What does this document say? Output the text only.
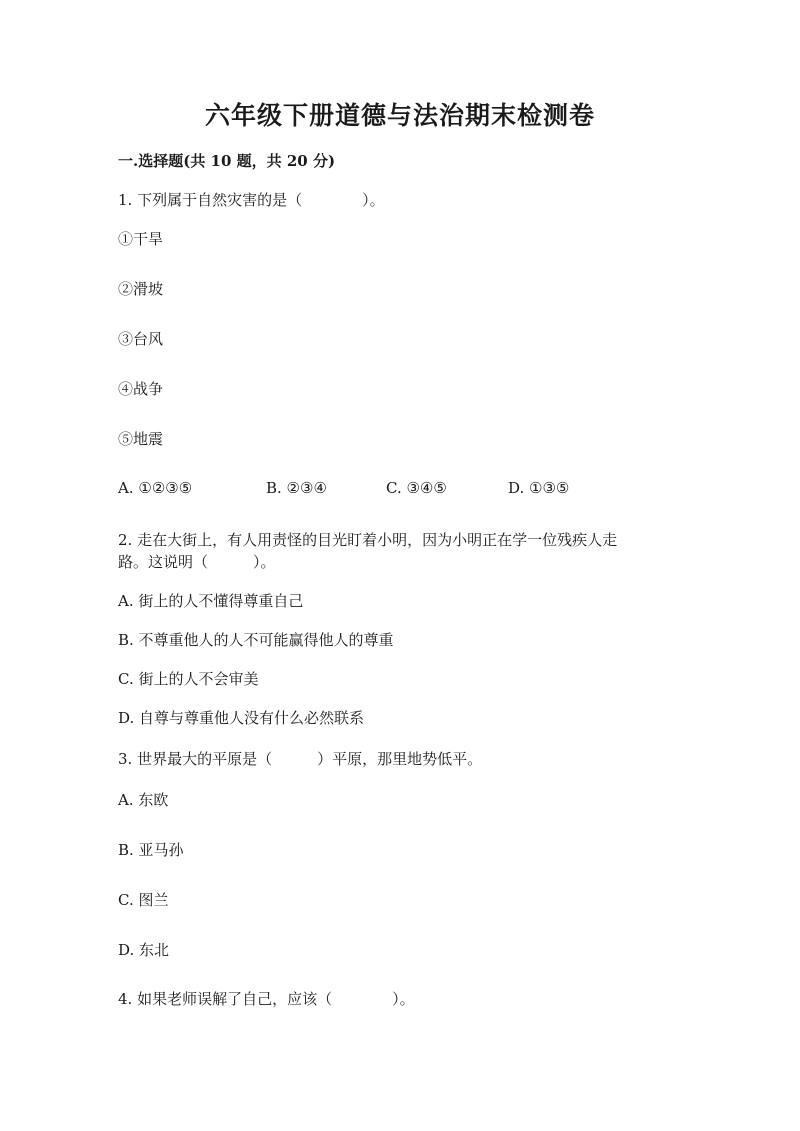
六年级下册道德与法治期末检测卷
一.选择题(共 10 题，共 20 分)
1. 下列属于自然灾害的是（　　　　）。
①干旱
②滑坡
③台风
④战争
⑤地震
A. ①②③⑤	B. ②③④	C. ③④⑤	D. ①③⑤
2. 走在大街上，有人用责怪的目光盯着小明，因为小明正在学一位残疾人走
路。这说明（　　　）。
A. 街上的人不懂得尊重自己
B. 不尊重他人的人不可能赢得他人的尊重
C. 街上的人不会审美
D. 自尊与尊重他人没有什么必然联系
3. 世界最大的平原是（　　　）平原，那里地势低平。
A. 东欧
B. 亚马孙
C. 图兰
D. 东北
4. 如果老师误解了自己，应该（　　　　）。
